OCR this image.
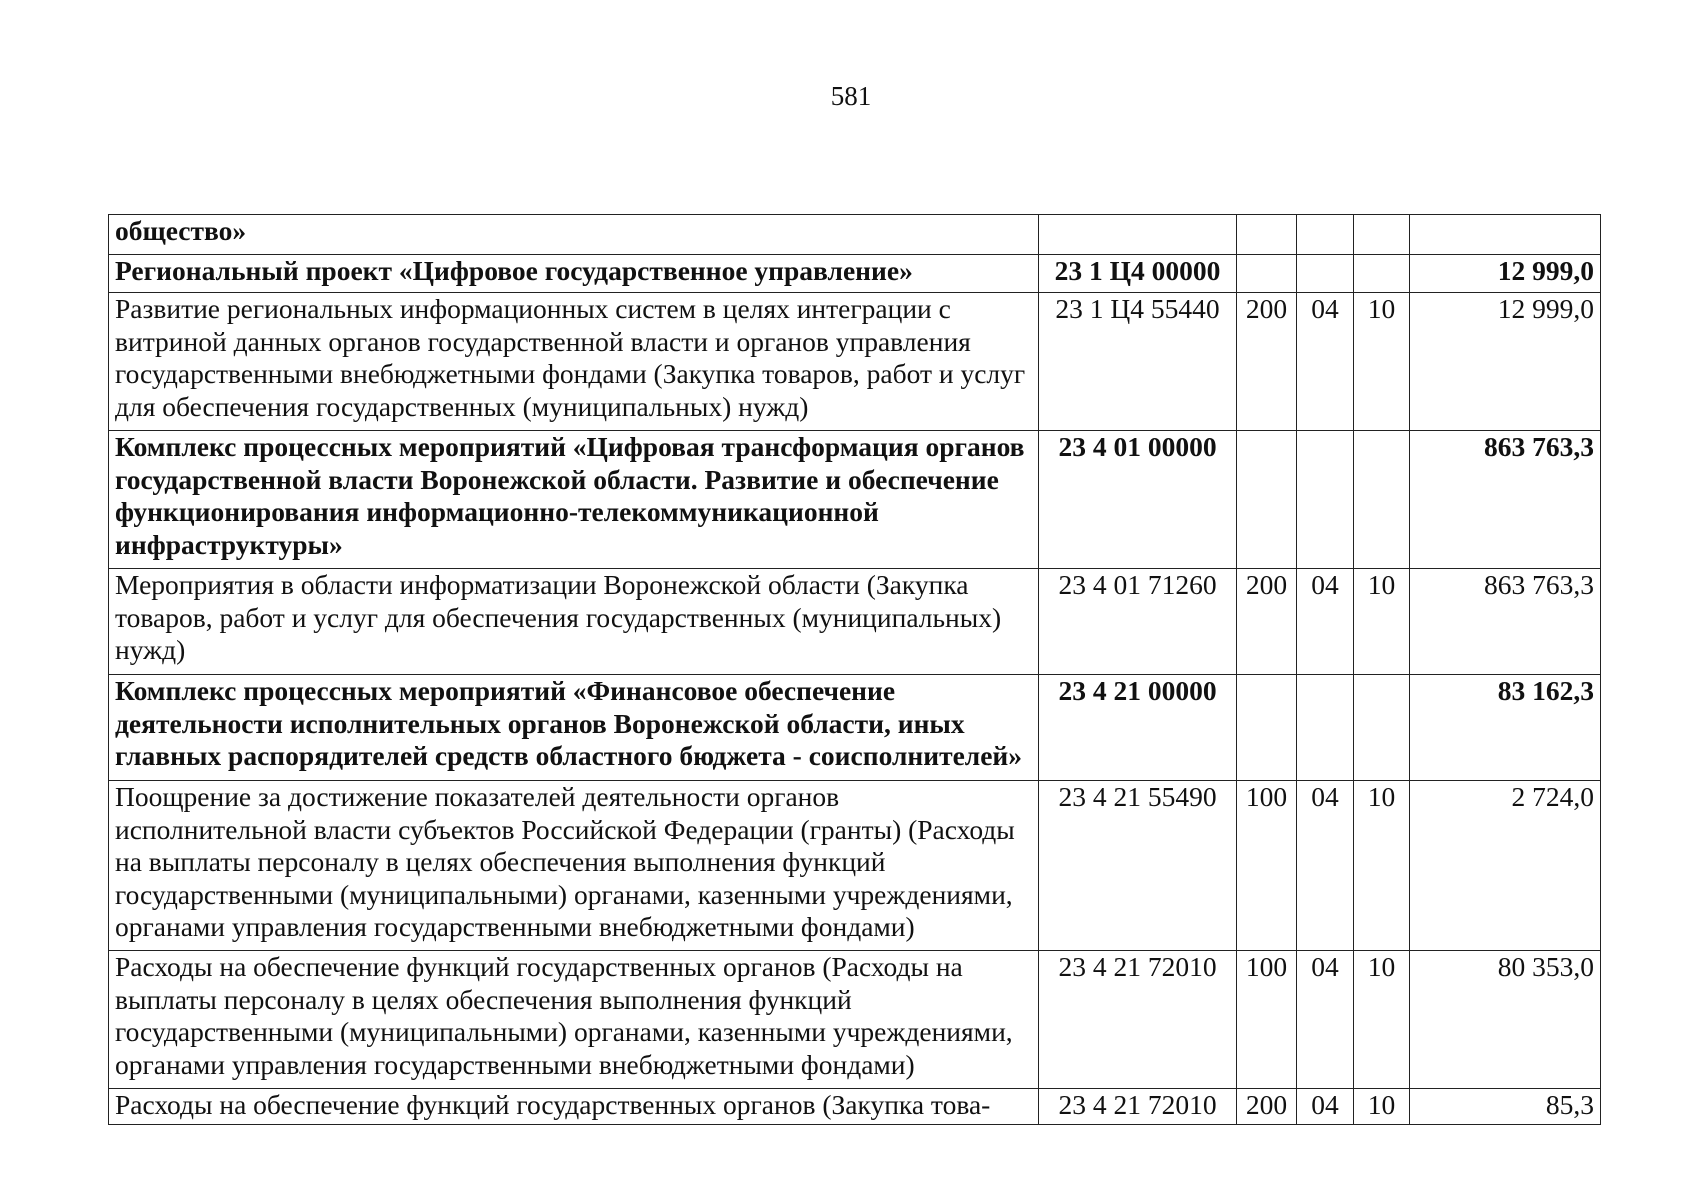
581
общество»					
Региональный проект «Цифровое государственное управление»	23 1 Ц4 00000				12 999,0
Развитие региональных информационных систем в целях интеграции с витриной данных органов государственной власти и органов управления государственными внебюджетными фондами (Закупка товаров, работ и услуг для обеспечения государственных (муниципальных) нужд)	23 1 Ц4 55440	200	04	10	12 999,0
Комплекс процессных мероприятий «Цифровая трансформация органов государственной власти Воронежской области. Развитие и обеспечение функционирования информационно-телекоммуникационной инфраструктуры»	23 4 01 00000				863 763,3
Мероприятия в области информатизации Воронежской области (Закупка товаров, работ и услуг для обеспечения государственных (муниципальных) нужд)	23 4 01 71260	200	04	10	863 763,3
Комплекс процессных мероприятий «Финансовое обеспечение деятельности исполнительных органов Воронежской области, иных главных распорядителей средств областного бюджета - соисполнителей»	23 4 21 00000				83 162,3
Поощрение за достижение показателей деятельности органов исполнительной власти субъектов Российской Федерации (гранты) (Расходы на выплаты персоналу в целях обеспечения выполнения функций государственными (муниципальными) органами, казенными учреждениями, органами управления государственными внебюджетными фондами)	23 4 21 55490	100	04	10	2 724,0
Расходы на обеспечение функций государственных органов (Расходы на выплаты персоналу в целях обеспечения выполнения функций государственными (муниципальными) органами, казенными учреждениями, органами управления государственными внебюджетными фондами)	23 4 21 72010	100	04	10	80 353,0
Расходы на обеспечение функций государственных органов (Закупка това-	23 4 21 72010	200	04	10	85,3
